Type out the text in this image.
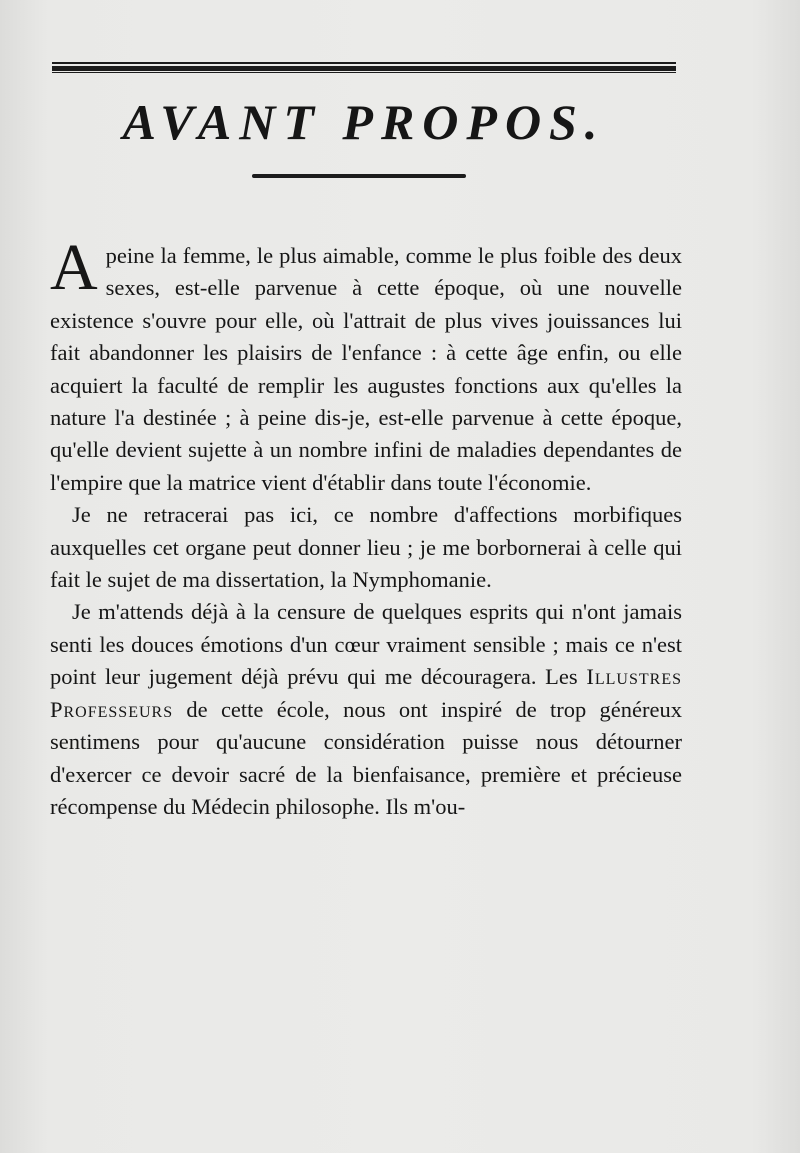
AVANT PROPOS.

A peine la femme, le plus aimable, comme le plus foible des deux sexes, est-elle parvenue à cette époque, où une nouvelle existence s'ouvre pour elle, où l'attrait de plus vives jouissances lui fait abandonner les plaisirs de l'enfance : à cette âge enfin, ou elle acquiert la faculté de remplir les augustes fonctions aux qu'elles la nature l'a destinée ; à peine dis-je, est-elle parvenue à cette époque, qu'elle devient sujette à un nombre infini de maladies dependantes de l'empire que la matrice vient d'établir dans toute l'économie.

Je ne retracerai pas ici, ce nombre d'affections morbifiques auxquelles cet organe peut donner lieu ; je me borbornerai à celle qui fait le sujet de ma dissertation, la Nymphomanie.

Je m'attends déjà à la censure de quelques esprits qui n'ont jamais senti les douces émotions d'un cœur vraiment sensible ; mais ce n'est point leur jugement déjà prévu qui me découragera. Les Illustres Professeurs de cette école, nous ont inspiré de trop généreux sentimens pour qu'aucune considération puisse nous détourner d'exercer ce devoir sacré de la bienfaisance, première et précieuse récompense du Médecin philosophe. Ils m'ou-
